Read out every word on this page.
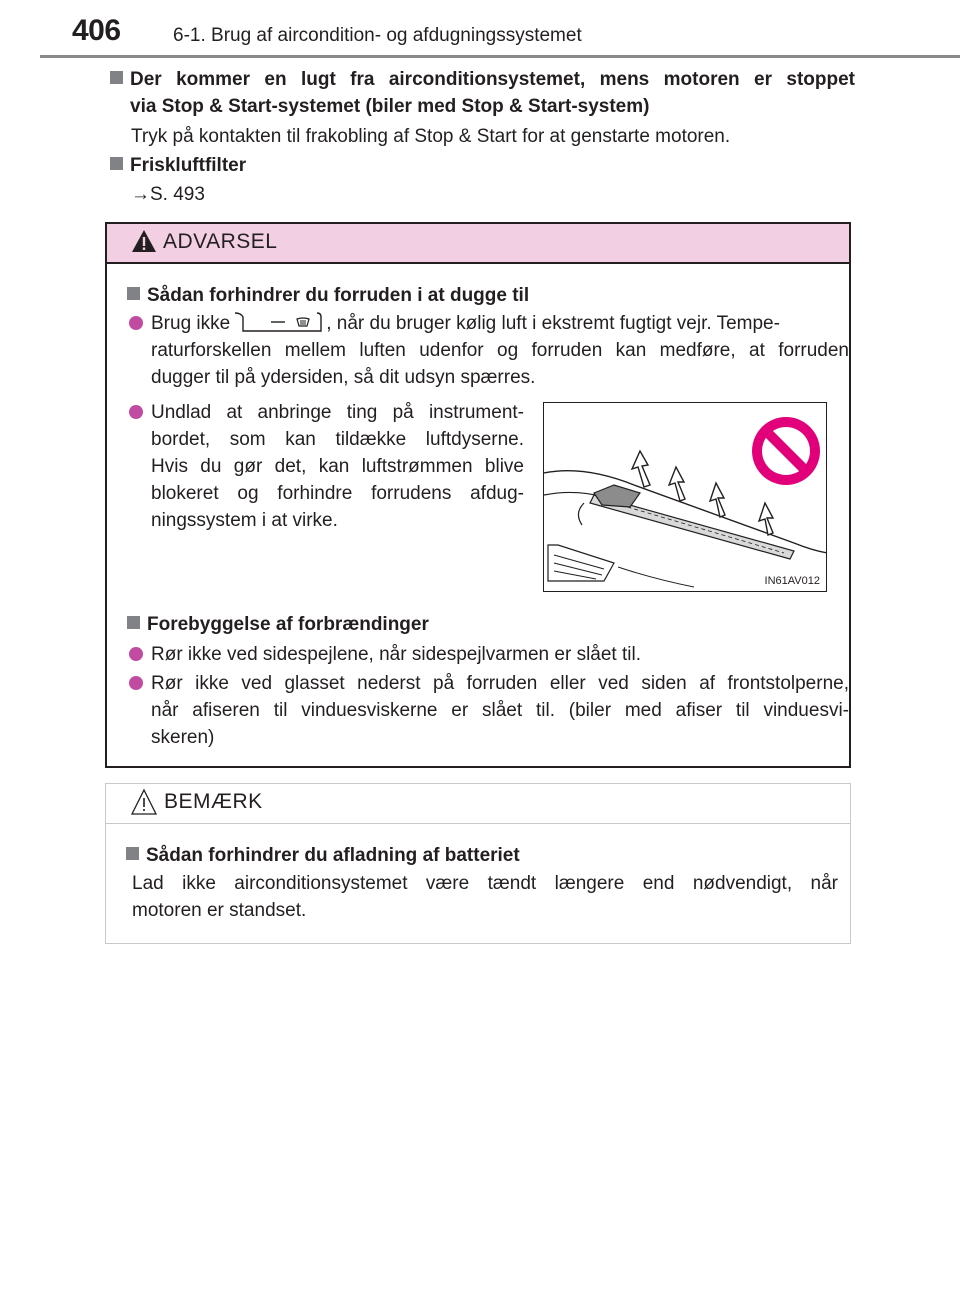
406	6-1. Brug af aircondition- og afdugningssystemet
Der kommer en lugt fra airconditionsystemet, mens motoren er stoppet
via Stop & Start-systemet (biler med Stop & Start-system)
Tryk på kontakten til frakobling af Stop & Start for at genstarte motoren.
Friskluftfilter
→S. 493
ADVARSEL
Sådan forhindrer du forruden i at dugge til
Brug ikke	, når du bruger kølig luft i ekstremt fugtigt vejr. Tempe-
raturforskellen mellem luften udenfor og forruden kan medføre, at forruden
dugger til på ydersiden, så dit udsyn spærres.
Undlad at anbringe ting på instrument-
bordet, som kan tildække luftdyserne.
Hvis du gør det, kan luftstrømmen blive
blokeret og forhindre forrudens afdug-
ningssystem i at virke.
IN61AV012
Forebyggelse af forbrændinger
Rør ikke ved sidespejlene, når sidespejlvarmen er slået til.
Rør ikke ved glasset nederst på forruden eller ved siden af frontstolperne,
når afiseren til vinduesviskerne er slået til. (biler med afiser til vinduesvi-
skeren)
BEMÆRK
Sådan forhindrer du afladning af batteriet
Lad ikke airconditionsystemet være tændt længere end nødvendigt, når
motoren er standset.
